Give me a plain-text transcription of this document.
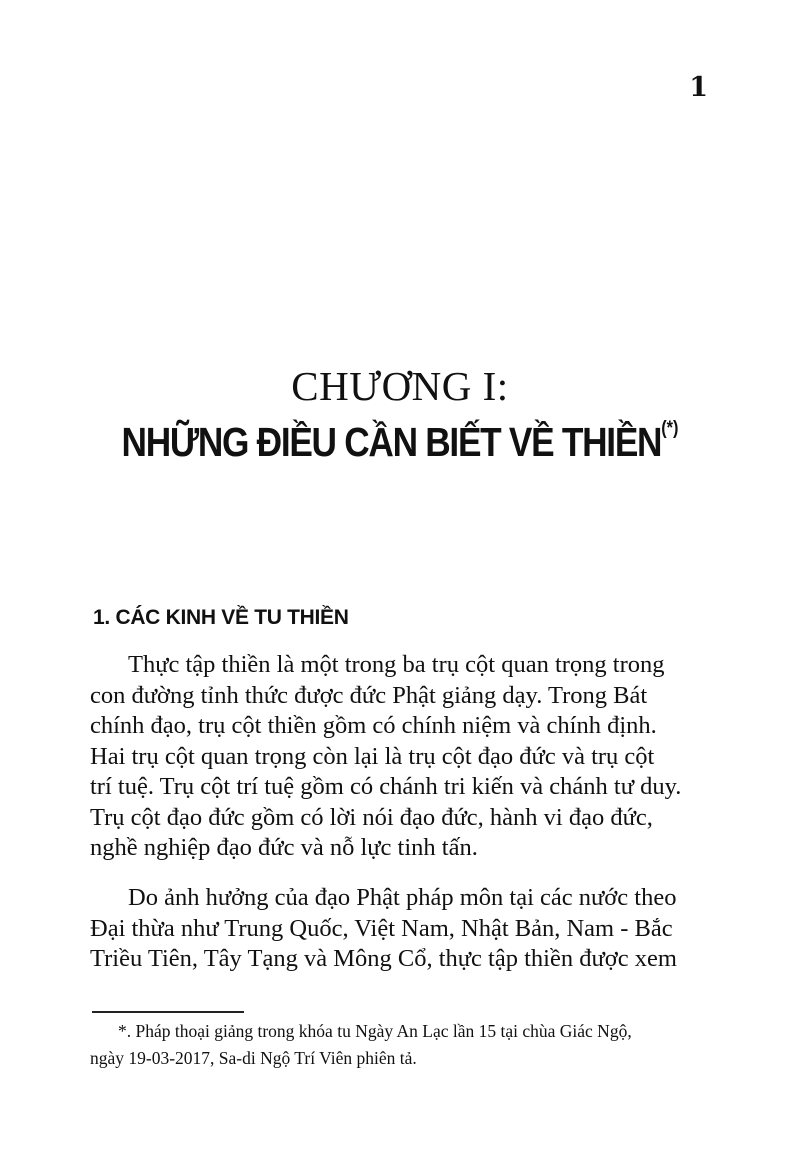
1
CHƯƠNG I:
NHỮNG ĐIỀU CẦN BIẾT VỀ THIỀN(*)
1. CÁC KINH VỀ TU THIỀN
Thực tập thiền là một trong ba trụ cột quan trọng trong
con đường tỉnh thức được đức Phật giảng dạy. Trong Bát
chính đạo, trụ cột thiền gồm có chính niệm và chính định.
Hai trụ cột quan trọng còn lại là trụ cột đạo đức và trụ cột
trí tuệ. Trụ cột trí tuệ gồm có chánh tri kiến và chánh tư duy.
Trụ cột đạo đức gồm có lời nói đạo đức, hành vi đạo đức,
nghề nghiệp đạo đức và nỗ lực tinh tấn.
Do ảnh hưởng của đạo Phật pháp môn tại các nước theo
Đại thừa như Trung Quốc, Việt Nam, Nhật Bản, Nam - Bắc
Triều Tiên, Tây Tạng và Mông Cổ, thực tập thiền được xem
*. Pháp thoại giảng trong khóa tu Ngày An Lạc lần 15 tại chùa Giác Ngộ,
ngày 19-03-2017, Sa-di Ngộ Trí Viên phiên tả.
